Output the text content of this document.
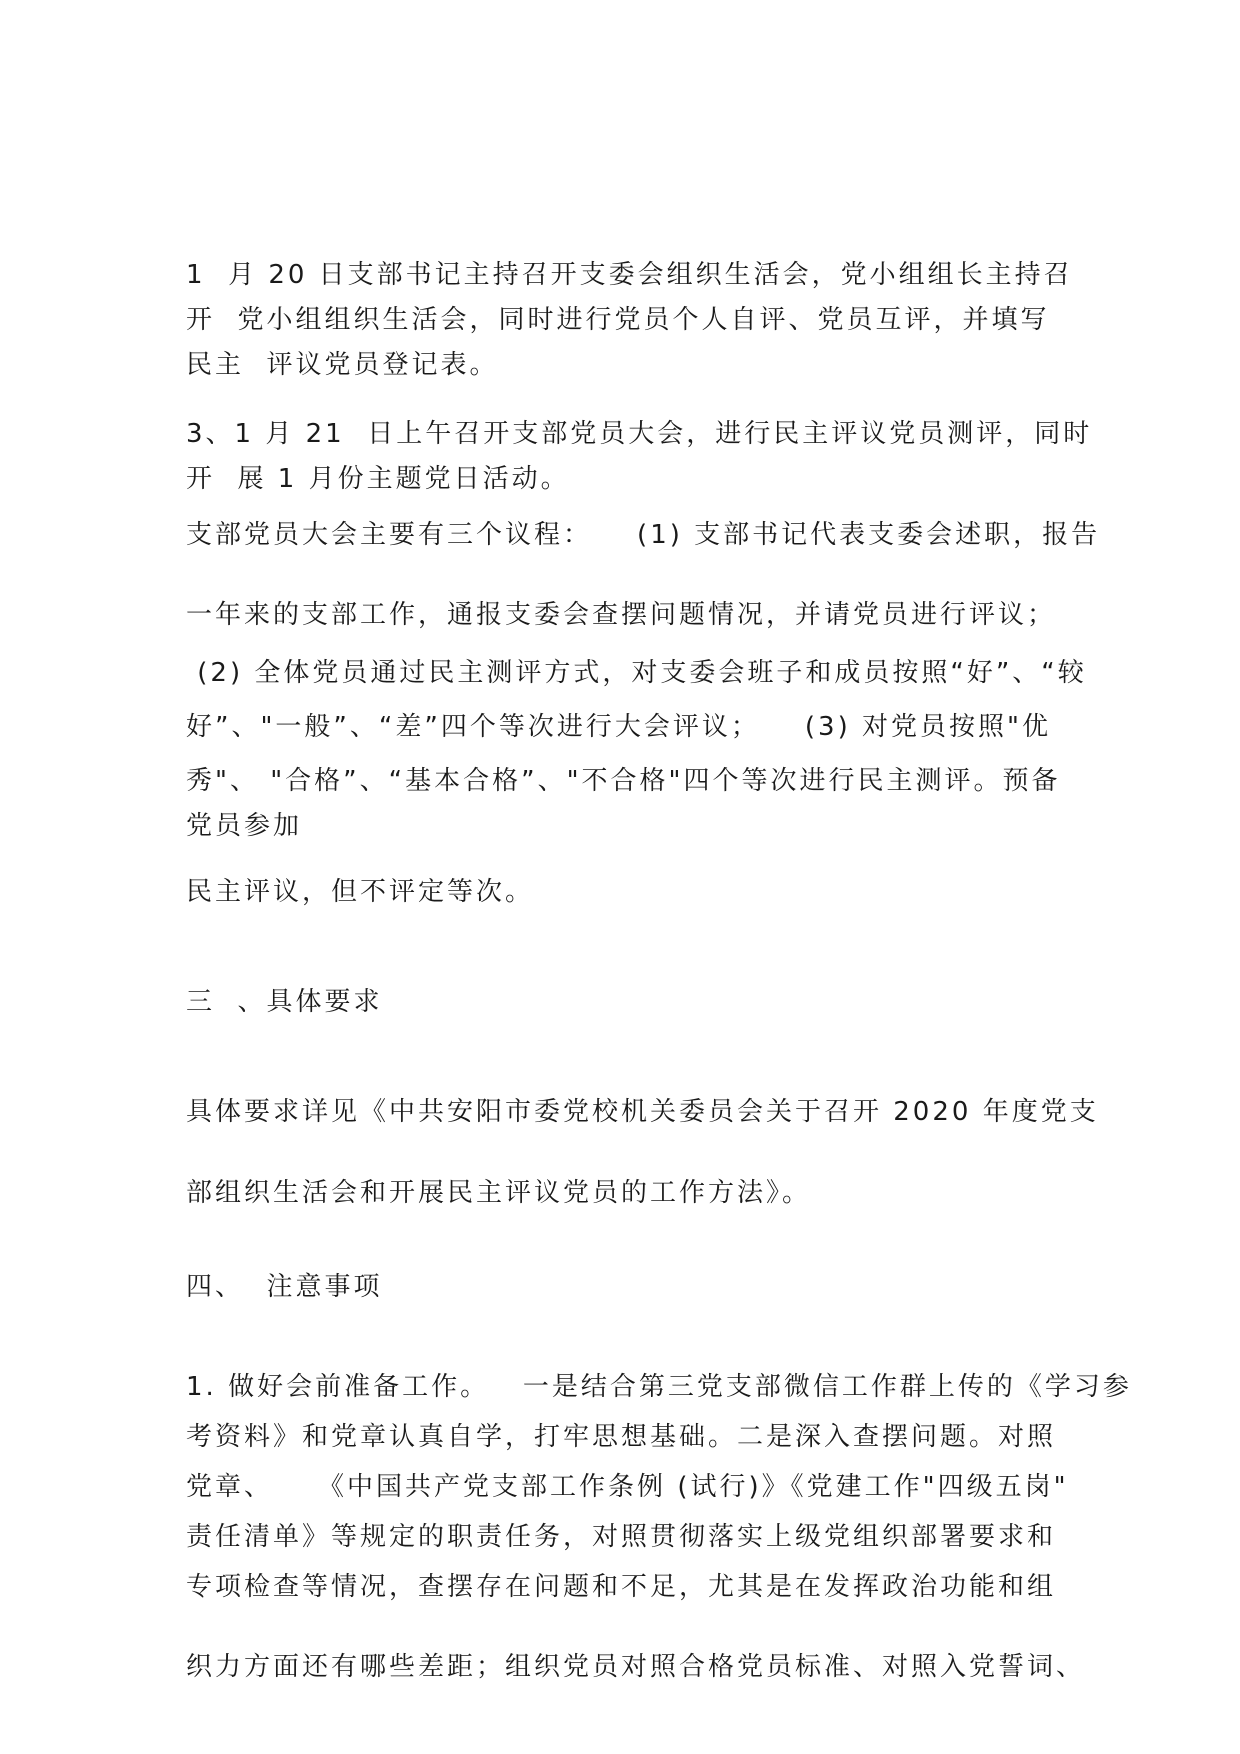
1  月 20 日支部书记主持召开支委会组织生活会，党小组组长主持召
开  党小组组织生活会，同时进行党员个人自评、党员互评，并填写
民主  评议党员登记表。
3、1 月 21  日上午召开支部党员大会，进行民主评议党员测评，同时
开  展 1 月份主题党日活动。
支部党员大会主要有三个议程：    (1) 支部书记代表支委会述职，报告
一年来的支部工作，通报支委会查摆问题情况，并请党员进行评议；
(2) 全体党员通过民主测评方式，对支委会班子和成员按照“好”、“较
好”、"一般”、“差”四个等次进行大会评议；    (3) 对党员按照"优
秀"、 "合格”、“基本合格”、"不合格"四个等次进行民主测评。预备
党员参加
民主评议，但不评定等次。
三  、具体要求
具体要求详见《中共安阳市委党校机关委员会关于召开 2020 年度党支
部组织生活会和开展民主评议党员的工作方法》。
四、  注意事项
1. 做好会前准备工作。   一是结合第三党支部微信工作群上传的《学习参
考资料》和党章认真自学，打牢思想基础。二是深入查摆问题。对照
党章、    《中国共产党支部工作条例 (试行)》《党建工作"四级五岗"
责任清单》等规定的职责任务，对照贯彻落实上级党组织部署要求和
专项检查等情况，查摆存在问题和不足，尤其是在发挥政治功能和组
织力方面还有哪些差距；组织党员对照合格党员标准、对照入党誓词、
